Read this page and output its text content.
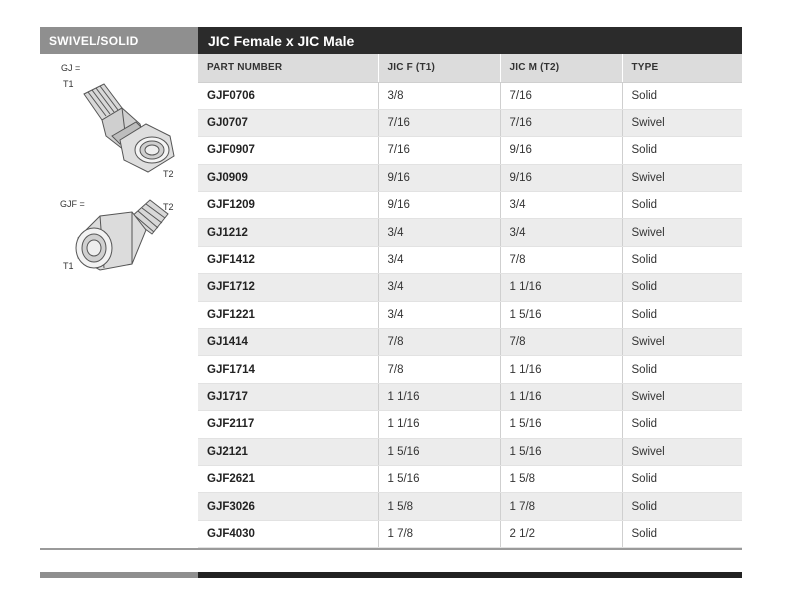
SWIVEL/SOLID
GJ =
T1
T2
GJF =	T2
T1
JIC Female x JIC Male
PART NUMBER	JIC F (T1)	JIC M (T2)	TYPE
GJF0706	3/8	7/16	Solid
GJ0707	7/16	7/16	Swivel
GJF0907	7/16	9/16	Solid
GJ0909	9/16	9/16	Swivel
GJF1209	9/16	3/4	Solid
GJ1212	3/4	3/4	Swivel
GJF1412	3/4	7/8	Solid
GJF1712	3/4	1 1/16	Solid
GJF1221	3/4	1 5/16	Solid
GJ1414	7/8	7/8	Swivel
GJF1714	7/8	1 1/16	Solid
GJ1717	1 1/16	1 1/16	Swivel
GJF2117	1 1/16	1 5/16	Solid
GJ2121	1 5/16	1 5/16	Swivel
GJF2621	1 5/16	1 5/8	Solid
GJF3026	1 5/8	1 7/8	Solid
GJF4030	1 7/8	2 1/2	Solid
